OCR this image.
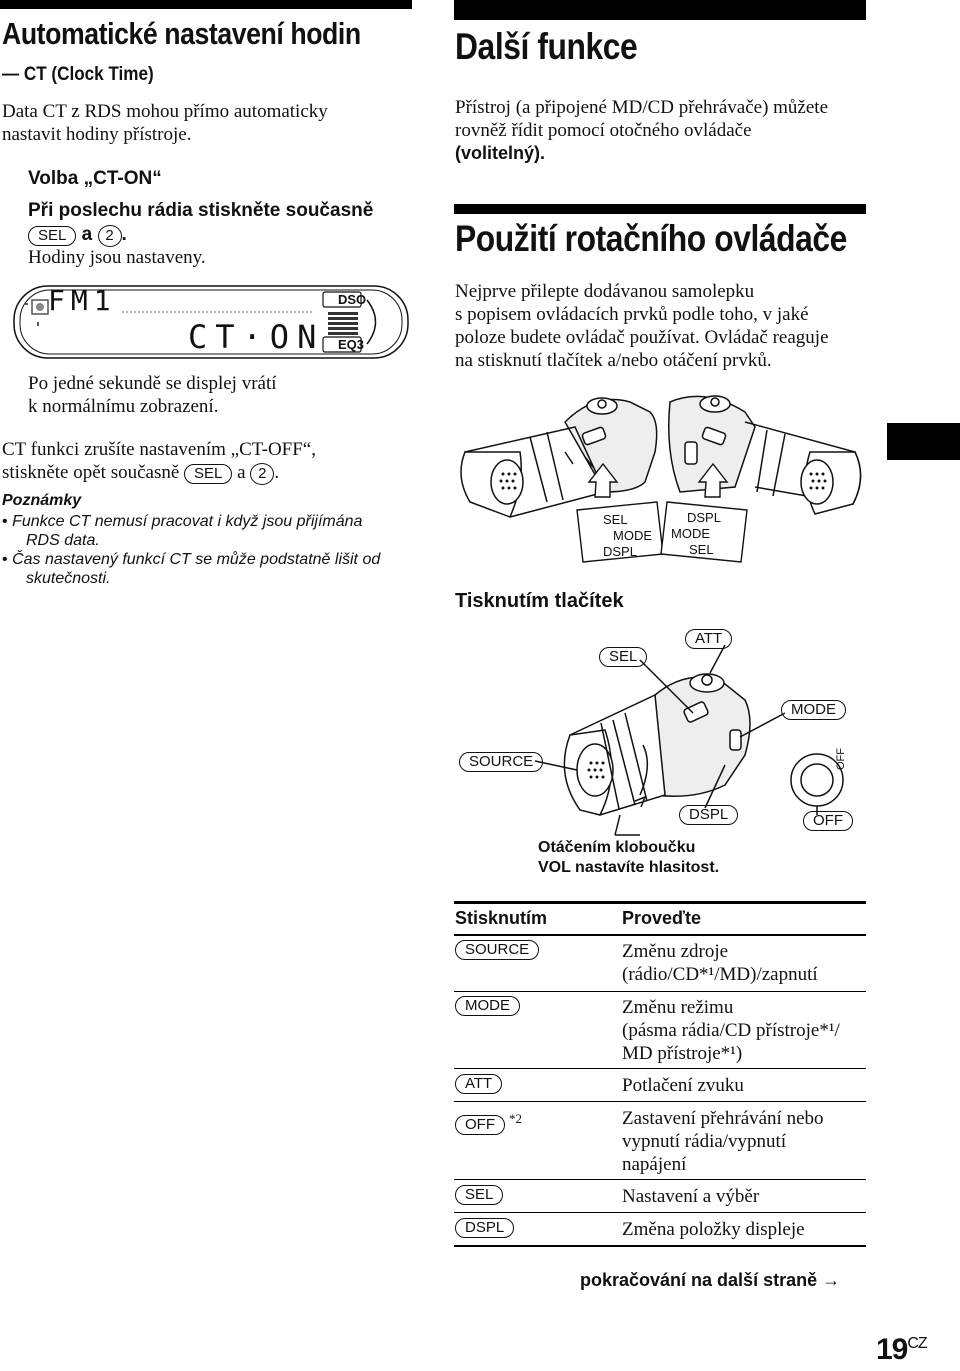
Automatické nastavení hodin
— CT (Clock Time)
Data CT z RDS mohou přímo automaticky
nastavit hodiny přístroje.
Volba „CT-ON“
Při poslechu rádia stiskněte současně
SEL a 2 .
Hodiny jsou nastaveny.
FM1
CT·ON
DSO
EQ3
Po jedné sekundě se displej vrátí
k normálnímu zobrazení.
CT funkci zrušíte nastavením „CT-OFF“,
stiskněte opět současně SEL a 2 .
Poznámky
• Funkce CT nemusí pracovat i když jsou přijímána
RDS data.
• Čas nastavený funkcí CT se může podstatně lišit od
skutečnosti.
Další funkce
Přístroj (a připojené MD/CD přehrávače) můžete
rovněž řídit pomocí otočného ovládače
(volitelný).
Použití rotačního ovládače
Nejprve přilepte dodávanou samolepku
s popisem ovládacích prvků podle toho, v jaké
poloze budete ovládač používat. Ovládač reaguje
na stisknutí tlačítek a/nebo otáčení prvků.
SEL
MODE
DSPL
DSPL
MODE
SEL
Tisknutím tlačítek
SEL
ATT
MODE
SOURCE
DSPL	OFF
OFF
Otáčením kloboučku
VOL nastavíte hlasitost.
Stisknutím	Proveďte
SOURCE	Změnu zdroje
(rádio/CD*¹/MD)/zapnutí
MODE	Změnu režimu
(pásma rádia/CD přístroje*¹/
MD přístroje*¹)
ATT	Potlačení zvuku
OFF $^{*2}$	Zastavení přehrávání nebo
vypnutí rádia/vypnutí
napájení
SEL	Nastavení a výběr
DSPL	Změna položky displeje
pokračování na další straně →
$19^{CZ}$
